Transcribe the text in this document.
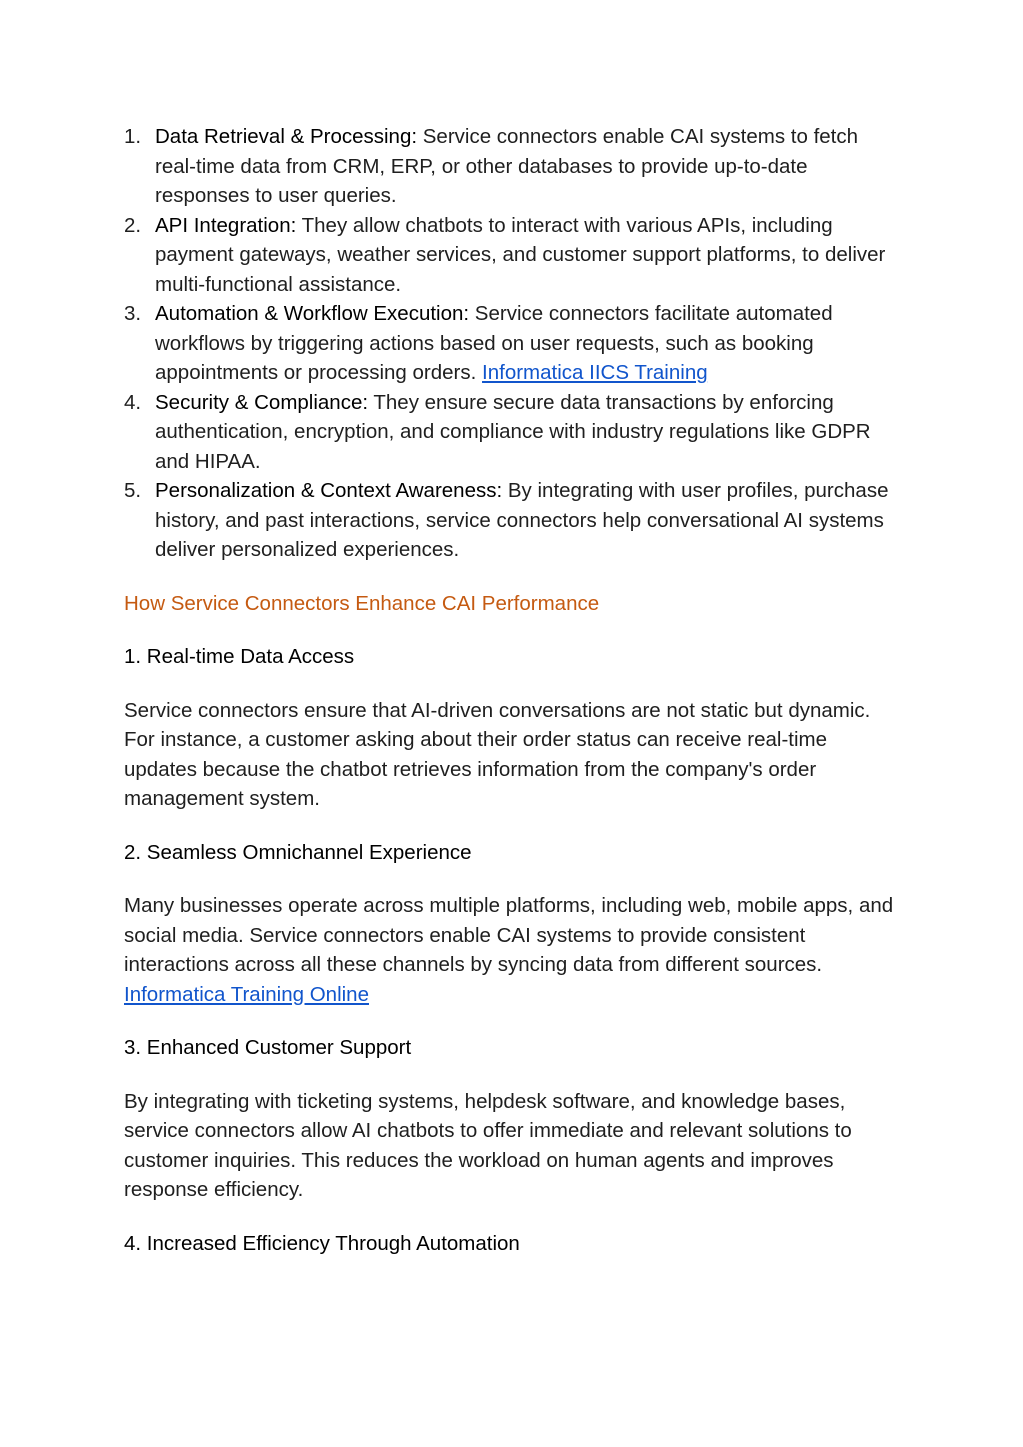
1. Data Retrieval & Processing: Service connectors enable CAI systems to fetch real-time data from CRM, ERP, or other databases to provide up-to-date responses to user queries.
2. API Integration: They allow chatbots to interact with various APIs, including payment gateways, weather services, and customer support platforms, to deliver multi-functional assistance.
3. Automation & Workflow Execution: Service connectors facilitate automated workflows by triggering actions based on user requests, such as booking appointments or processing orders. Informatica IICS Training
4. Security & Compliance: They ensure secure data transactions by enforcing authentication, encryption, and compliance with industry regulations like GDPR and HIPAA.
5. Personalization & Context Awareness: By integrating with user profiles, purchase history, and past interactions, service connectors help conversational AI systems deliver personalized experiences.
How Service Connectors Enhance CAI Performance
1. Real-time Data Access

Service connectors ensure that AI-driven conversations are not static but dynamic. For instance, a customer asking about their order status can receive real-time updates because the chatbot retrieves information from the company's order management system.

2. Seamless Omnichannel Experience

Many businesses operate across multiple platforms, including web, mobile apps, and social media. Service connectors enable CAI systems to provide consistent interactions across all these channels by syncing data from different sources. Informatica Training Online

3. Enhanced Customer Support

By integrating with ticketing systems, helpdesk software, and knowledge bases, service connectors allow AI chatbots to offer immediate and relevant solutions to customer inquiries. This reduces the workload on human agents and improves response efficiency.

4. Increased Efficiency Through Automation
